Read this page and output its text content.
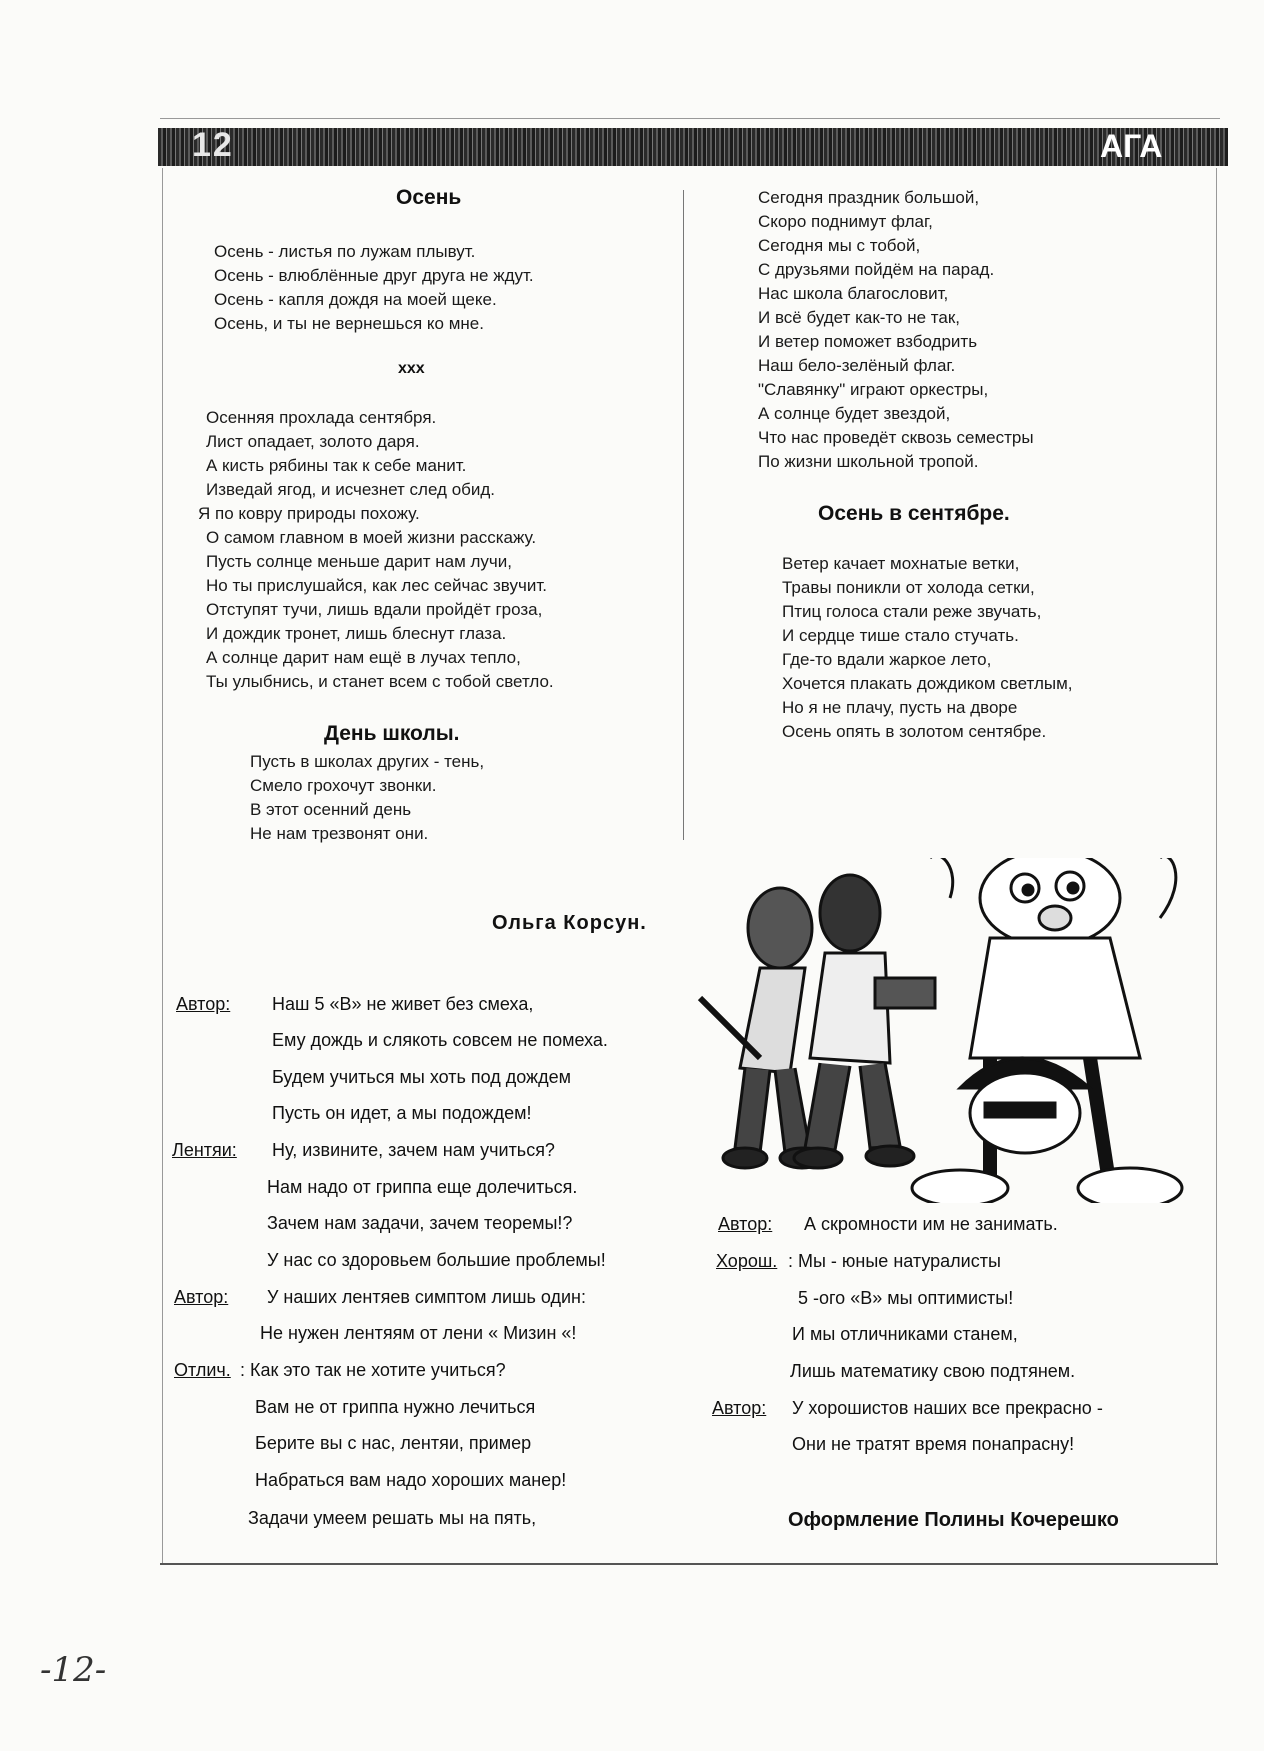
12	АГА
Осень
Осень - листья по лужам плывут.
Осень - влюблённые друг друга не ждут.
Осень - капля дождя на моей щеке.
Осень, и ты не вернешься ко мне.
xxx
Осенняя прохлада сентября.
Лист опадает, золото даря.
А кисть рябины так к себе манит.
Изведай ягод, и исчезнет след обид.
Я по ковру природы похожу.
О самом главном в моей жизни расскажу.
Пусть солнце меньше дарит нам лучи,
Но ты прислушайся, как лес сейчас звучит.
Отступят тучи, лишь вдали пройдёт гроза,
И дождик тронет, лишь блеснут глаза.
А солнце дарит нам ещё в лучах тепло,
Ты улыбнись, и станет всем с тобой светло.
День школы.
Пусть в школах других - тень,
Смело грохочут звонки.
В этот осенний день
Не нам трезвонят они.
Сегодня праздник большой,
Скоро поднимут флаг,
Сегодня мы с тобой,
С друзьями пойдём на парад.
Нас школа благословит,
И всё будет как-то не так,
И ветер поможет взбодрить
Наш бело-зелёный флаг.
"Славянку" играют оркестры,
А солнце будет звездой,
Что нас проведёт сквозь семестры
По жизни школьной тропой.
Осень в сентябре.
Ветер качает мохнатые ветки,
Травы поникли от холода сетки,
Птиц голоса стали реже звучать,
И сердце тише стало стучать.
Где-то вдали жаркое лето,
Хочется плакать дождиком светлым,
Но я не плачу, пусть на дворе
Осень опять в золотом сентябре.
Ольга Корсун.
Автор: Наш 5 «В» не живет без смеха,
Ему дождь и слякоть совсем не помеха.
Будем учиться мы хоть под дождем
Пусть он идет, а мы подождем!
Лентяи: Ну, извините, зачем нам учиться?
Нам надо от гриппа еще долечиться.
Зачем нам задачи, зачем теоремы!?
У нас со здоровьем большие проблемы!
Автор: У наших лентяев симптом лишь один:
Не нужен лентяям от лени « Мизин «!
Отлич. : Как это так не хотите учиться?
Вам не от гриппа нужно лечиться
Берите вы с нас, лентяи, пример
Набраться вам надо хороших манер!
Задачи умеем решать мы на пять,
Автор: А скромности им не занимать.
Хорош. : Мы - юные натуралисты
5 -ого «В» мы оптимисты!
И мы отличниками станем,
Лишь математику свою подтянем.
Автор: У хорошистов наших все прекрасно -
Они не тратят время понапрасну!
Оформление Полины Кочерешко
-12-
